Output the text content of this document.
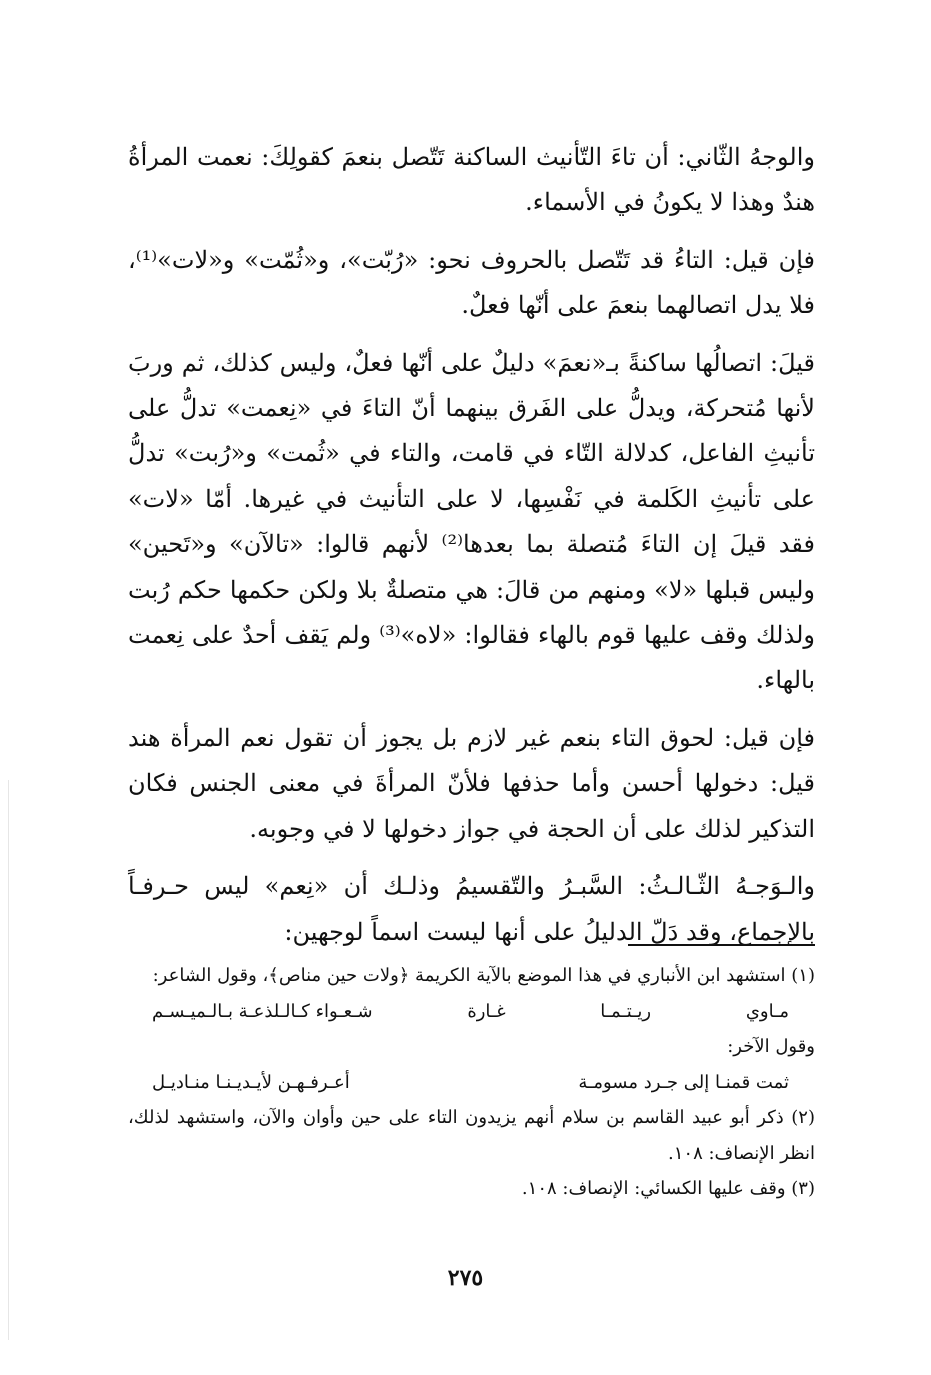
والوجهُ الثّاني: أن تاءَ التّأنيث الساكنة تَتّصل بنعمَ كقولِكَ: نعمت المرأةُ هندٌ وهذا لا يكونُ في الأسماء.

فإن قيل: التاءُ قد تَتّصل بالحروف نحو: «رُبّت»، و«ثُمّت» و«لات»⁽¹⁾، فلا يدل اتصالهما بنعمَ على أنّها فعلٌ.

قيلَ: اتصالُها ساكنةً بـ«نعمَ» دليلٌ على أنّها فعلٌ، وليس كذلك، ثم وربَ لأنها مُتحركة، ويدلُّ على الفَرق بينهما أنّ التاءَ في «نِعمت» تدلُّ على تأنيثِ الفاعل، كدلالة التّاء في قامت، والتاء في «ثُمت» و«رُبت» تدلُّ على تأنيثِ الكَلمة في نَفْسِها، لا على التأنيث في غيرها. أمّا «لات» فقد قيلَ إن التاءَ مُتصلة بما بعدها⁽²⁾ لأنهم قالوا: «تالآن» و«تَحين» وليس قبلها «لا» ومنهم من قالَ: هي متصلةٌ بلا ولكن حكمها حكم رُبت ولذلك وقف عليها قوم بالهاء فقالوا: «لاه»⁽³⁾ ولم يَقف أحدٌ على نِعمت بالهاء.

فإن قيل: لحوق التاء بنعم غير لازم بل يجوز أن تقول نعم المرأة هند قيل: دخولها أحسن وأما حذفها فلأنّ المرأةَ في معنى الجنس فكان التذكير لذلك على أن الحجة في جواز دخولها لا في وجوبه.

والـوَجـهُ الثّـالـثُ: السَّبـرُ والتّقسيمُ وذلـك أن «نِعم» ليس حـرفـاً بالإجماع، وقد دَلّ الدليلُ على أنها ليست اسماً لوجهين:

(١) استشهد ابن الأنباري في هذا الموضع بالآية الكريمة ﴿ولات حين مناص﴾، وقول الشاعر:

مـاوي
ريـتـمـا
غـارة
شـعـواء كـالـلذعـة بـالـميـسـم

وقول الآخر:

ثمت قمنـا إلى جـرد مسومـة
أعـرفـهـن لأيـديـنـا منـاديـل

(٢) ذكر أبو عبيد القاسم بن سلام أنهم يزيدون التاء على حين وأوان والآن، واستشهد لذلك، انظر الإنصاف: ١٠٨.

(٣) وقف عليها الكسائي: الإنصاف: ١٠٨.

٢٧٥
